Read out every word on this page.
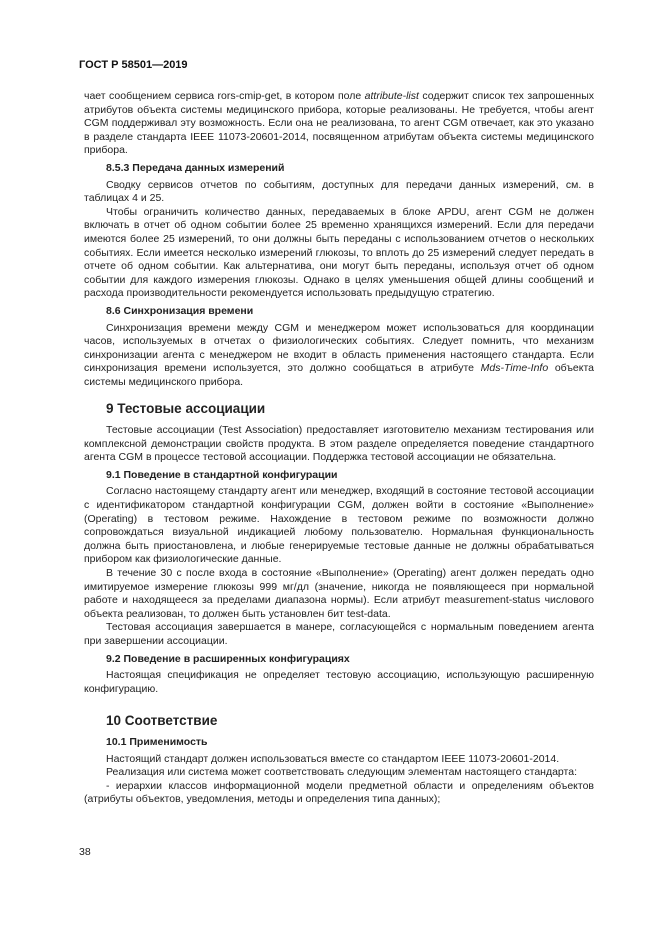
ГОСТ Р 58501—2019

чает сообщением сервиса rors-cmip-get, в котором поле attribute-list содержит список тех запрошенных атрибутов объекта системы медицинского прибора, которые реализованы. Не требуется, чтобы агент CGM поддерживал эту возможность. Если она не реализована, то агент CGM отвечает, как это указано в разделе стандарта IEEE 11073-20601-2014, посвященном атрибутам объекта системы медицинского прибора.

8.5.3 Передача данных измерений

Сводку сервисов отчетов по событиям, доступных для передачи данных измерений, см. в таблицах 4 и 25.

Чтобы ограничить количество данных, передаваемых в блоке APDU, агент CGM не должен включать в отчет об одном событии более 25 временно хранящихся измерений. Если для передачи имеются более 25 измерений, то они должны быть переданы с использованием отчетов о нескольких событиях. Если имеется несколько измерений глюкозы, то вплоть до 25 измерений следует передать в отчете об одном событии. Как альтернатива, они могут быть переданы, используя отчет об одном событии для каждого измерения глюкозы. Однако в целях уменьшения общей длины сообщений и расхода производительности рекомендуется использовать предыдущую стратегию.

8.6 Синхронизация времени

Синхронизация времени между CGM и менеджером может использоваться для координации часов, используемых в отчетах о физиологических событиях. Следует помнить, что механизм синхронизации агента с менеджером не входит в область применения настоящего стандарта. Если синхронизация времени используется, это должно сообщаться в атрибуте Mds-Time-Info объекта системы медицинского прибора.

9 Тестовые ассоциации

Тестовые ассоциации (Test Association) предоставляет изготовителю механизм тестирования или комплексной демонстрации свойств продукта. В этом разделе определяется поведение стандартного агента CGM в процессе тестовой ассоциации. Поддержка тестовой ассоциации не обязательна.

9.1 Поведение в стандартной конфигурации

Согласно настоящему стандарту агент или менеджер, входящий в состояние тестовой ассоциации с идентификатором стандартной конфигурации CGM, должен войти в состояние «Выполнение» (Operating) в тестовом режиме. Нахождение в тестовом режиме по возможности должно сопровождаться визуальной индикацией любому пользователю. Нормальная функциональность должна быть приостановлена, и любые генерируемые тестовые данные не должны обрабатываться прибором как физиологические данные.

В течение 30 с после входа в состояние «Выполнение» (Operating) агент должен передать одно имитируемое измерение глюкозы 999 мг/дл (значение, никогда не появляющееся при нормальной работе и находящееся за пределами диапазона нормы). Если атрибут measurement-status числового объекта реализован, то должен быть установлен бит test-data.

Тестовая ассоциация завершается в манере, согласующейся с нормальным поведением агента при завершении ассоциации.

9.2 Поведение в расширенных конфигурациях

Настоящая спецификация не определяет тестовую ассоциацию, использующую расширенную конфигурацию.

10 Соответствие
10.1 Применимость

Настоящий стандарт должен использоваться вместе со стандартом IEEE 11073-20601-2014.

Реализация или система может соответствовать следующим элементам настоящего стандарта:

- иерархии классов информационной модели предметной области и определениям объектов (атрибуты объектов, уведомления, методы и определения типа данных);

38
